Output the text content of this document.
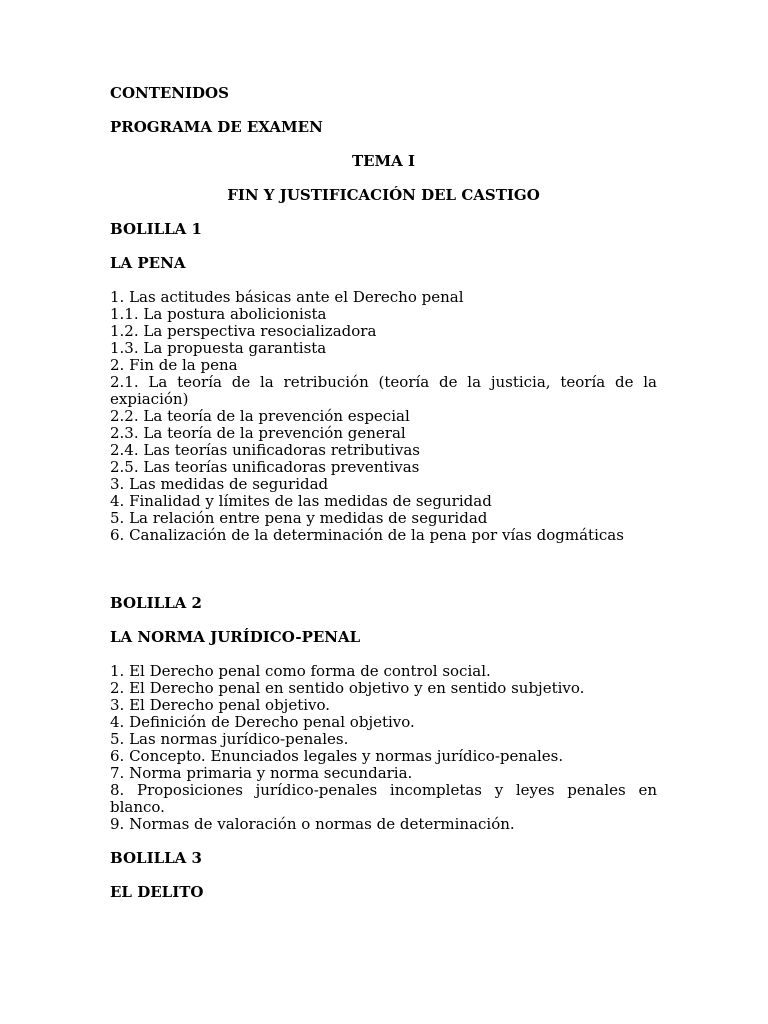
CONTENIDOS

PROGRAMA DE EXAMEN

TEMA I

FIN Y JUSTIFICACIÓN DEL CASTIGO

BOLILLA 1

LA PENA

1. Las actitudes básicas ante el Derecho penal

1.1. La postura abolicionista

1.2. La perspectiva resocializadora

1.3. La propuesta garantista

2. Fin de la pena

2.1. La teoría de la retribución (teoría de la justicia, teoría de la expiación)

2.2. La teoría de la prevención especial

2.3. La teoría de la prevención general

2.4. Las teorías unificadoras retributivas

2.5. Las teorías unificadoras preventivas

3. Las medidas de seguridad

4. Finalidad y límites de las medidas de seguridad

5. La relación entre pena y medidas de seguridad

6. Canalización de la determinación de la pena por vías dogmáticas

BOLILLA 2

LA NORMA JURÍDICO-PENAL

1. El Derecho penal como forma de control social.

2. El Derecho penal en sentido objetivo y en sentido subjetivo.

3. El Derecho penal objetivo.

4. Definición de Derecho penal objetivo.

5. Las normas jurídico-penales.

6. Concepto. Enunciados legales y normas jurídico-penales.

7. Norma primaria y norma secundaria.

8. Proposiciones jurídico-penales incompletas y leyes penales en blanco.

9. Normas de valoración o normas de determinación.

BOLILLA 3

EL DELITO
